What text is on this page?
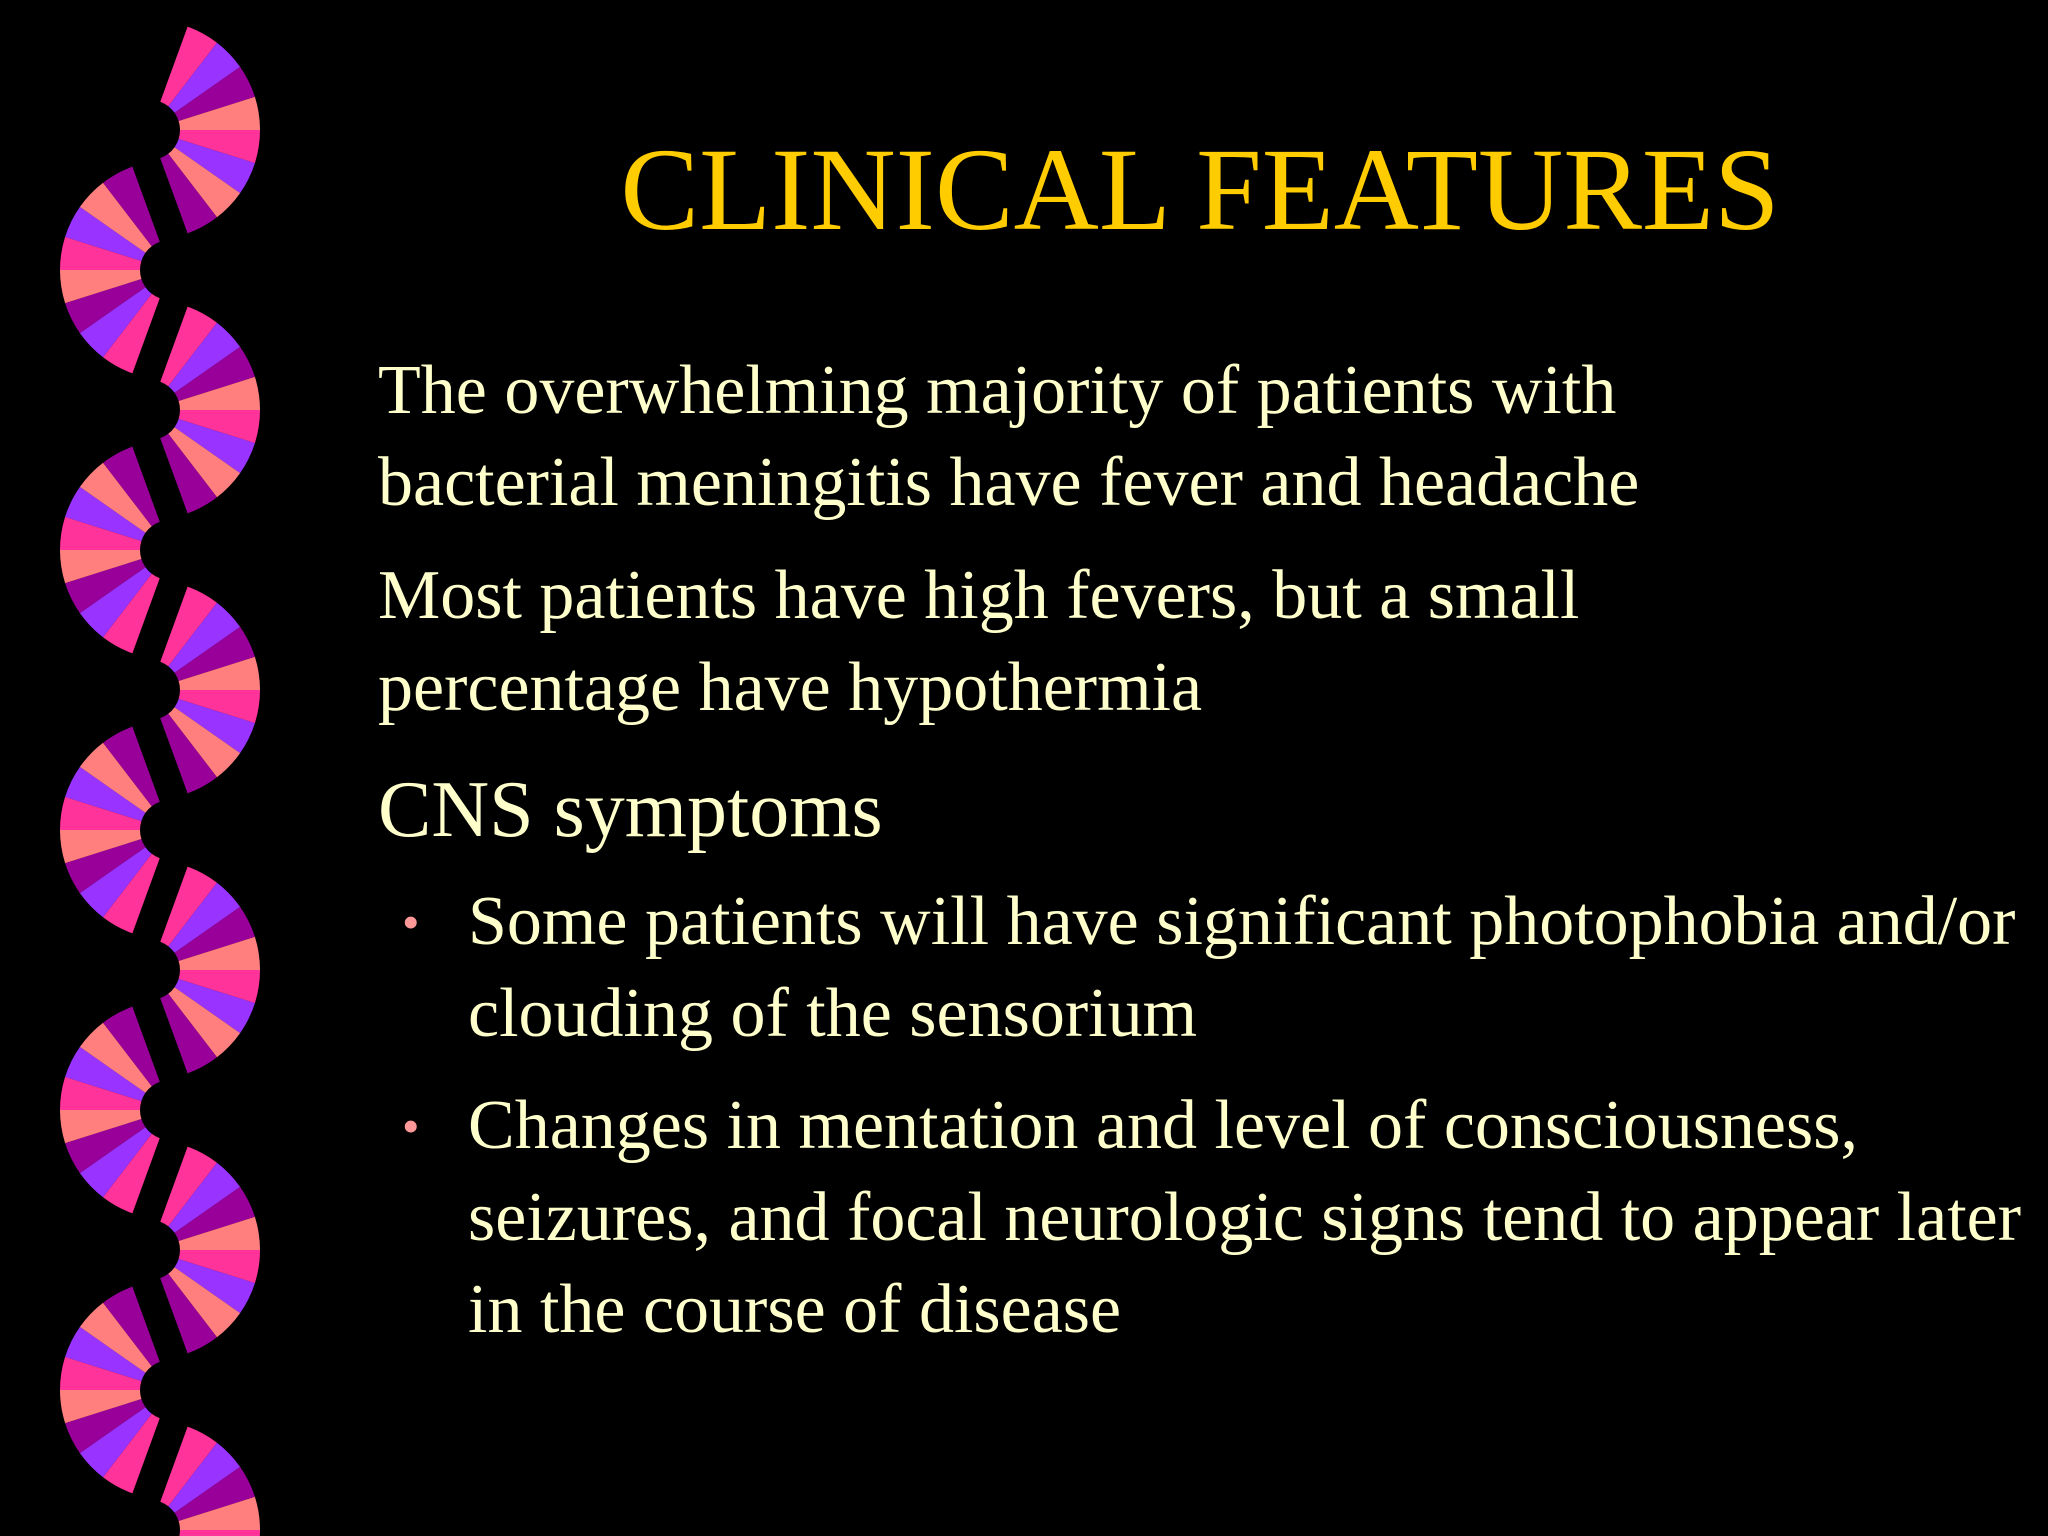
CLINICAL FEATURES
The overwhelming majority of patients with bacterial meningitis have fever and headache
Most patients have high fevers, but a small percentage have hypothermia
CNS symptoms
• Some patients will have significant photophobia and/or clouding of the sensorium
• Changes in mentation and level of consciousness, seizures, and focal neurologic signs tend to appear later in the course of disease
